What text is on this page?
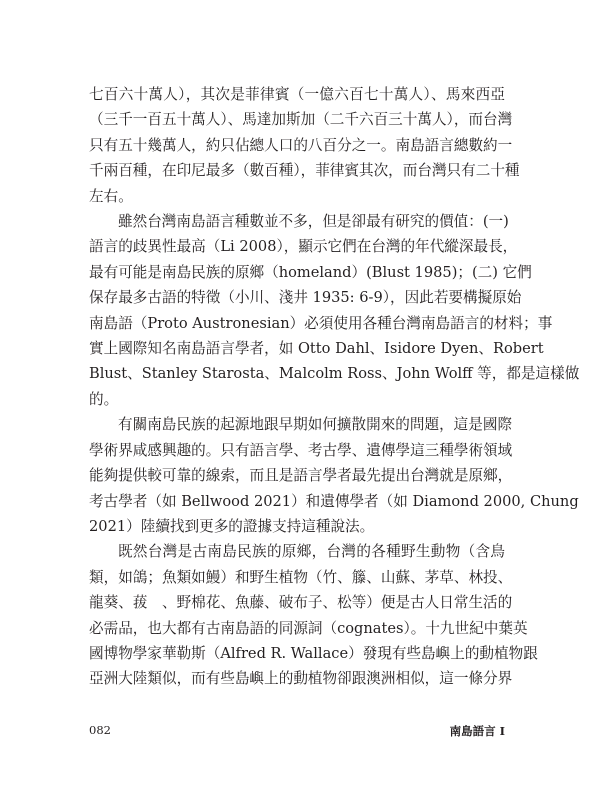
七百六十萬人），其次是菲律賓（一億六百七十萬人）、馬來西亞
（三千一百五十萬人）、馬達加斯加（二千六百三十萬人），而台灣
只有五十幾萬人，約只佔總人口的八百分之一。南島語言總數約一
千兩百種，在印尼最多（數百種），菲律賓其次，而台灣只有二十種
左右。
雖然台灣南島語言種數並不多，但是卻最有研究的價值：(一)
語言的歧異性最高（Li 2008），顯示它們在台灣的年代縱深最長，
最有可能是南島民族的原鄉（homeland）(Blust 1985)；(二) 它們
保存最多古語的特徵（小川、淺井 1935: 6-9），因此若要構擬原始
南島語（Proto Austronesian）必須使用各種台灣南島語言的材料；事
實上國際知名南島語言學者，如 Otto Dahl、Isidore Dyen、Robert
Blust、Stanley Starosta、Malcolm Ross、John Wolff 等，都是這樣做
的。
有關南島民族的起源地跟早期如何擴散開來的問題，這是國際
學術界咸感興趣的。只有語言學、考古學、遺傳學這三種學術領域
能夠提供較可靠的線索，而且是語言學者最先提出台灣就是原鄉，
考古學者（如 Bellwood 2021）和遺傳學者（如 Diamond 2000, Chung
2021）陸續找到更多的證據支持這種說法。
既然台灣是古南島民族的原鄉，台灣的各種野生動物（含鳥
類，如鴿；魚類如鰻）和野生植物（竹、籐、山蘇、茅草、林投、
龍葵、菝　、野棉花、魚藤、破布子、松等）便是古人日常生活的
必需品，也大都有古南島語的同源詞（cognates）。十九世紀中葉英
國博物學家華勒斯（Alfred R. Wallace）發現有些島嶼上的動植物跟
亞洲大陸類似，而有些島嶼上的動植物卻跟澳洲相似，這一條分界
082	南島語言 I
